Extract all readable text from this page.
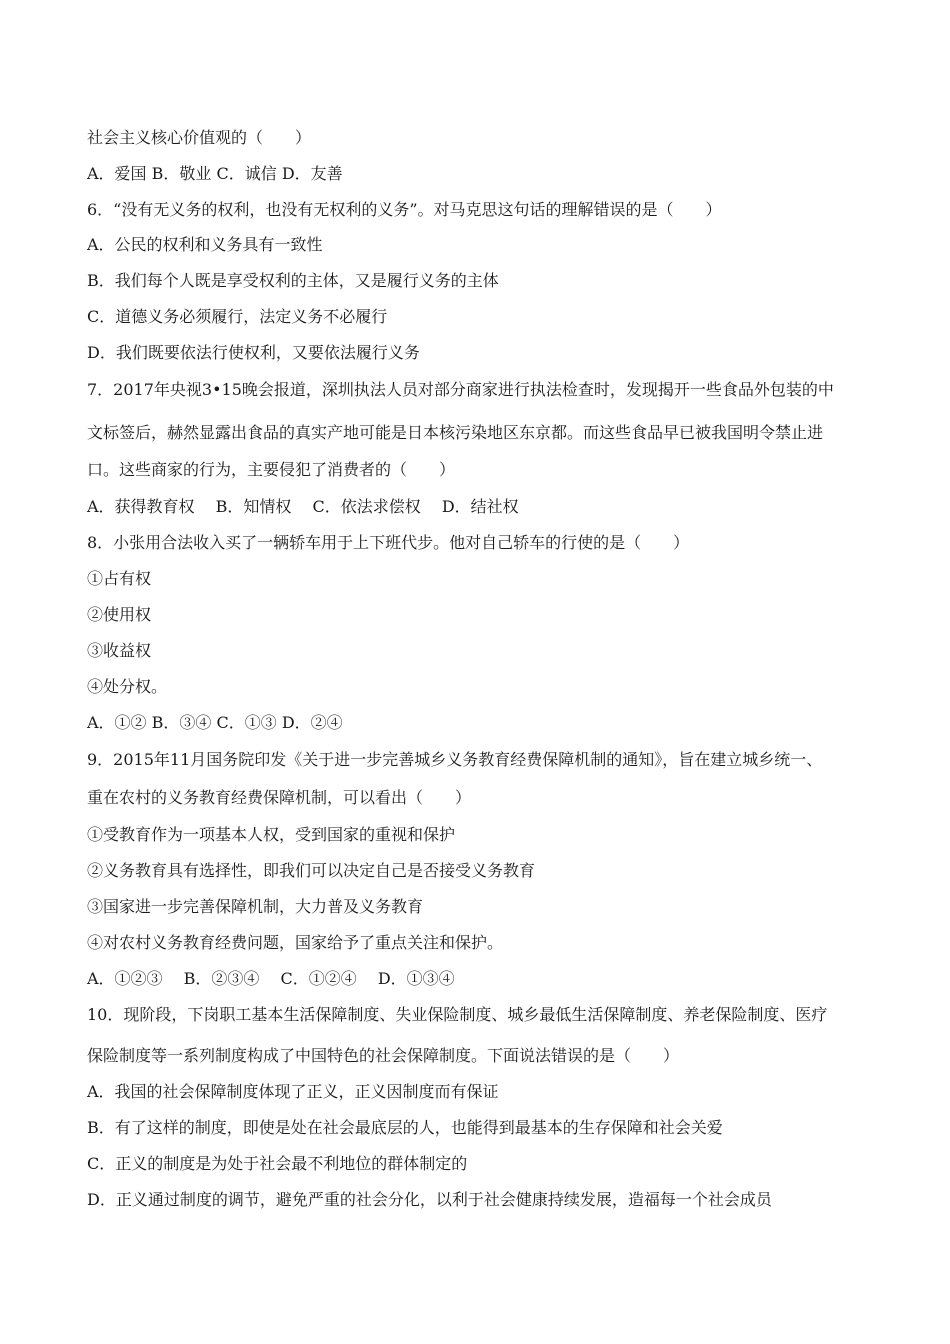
社会主义核心价值观的（　　）

A．爱国 B．敬业 C．诚信 D．友善

6．“没有无义务的权利，也没有无权利的义务”。对马克思这句话的理解错误的是（　　）

A．公民的权利和义务具有一致性

B．我们每个人既是享受权利的主体，又是履行义务的主体

C．道德义务必须履行，法定义务不必履行

D．我们既要依法行使权利，又要依法履行义务

7．2017年央视3•15晚会报道，深圳执法人员对部分商家进行执法检查时，发现揭开一些食品外包装的中

文标签后，赫然显露出食品的真实产地可能是日本核污染地区东京都。而这些食品早已被我国明令禁止进

口。这些商家的行为，主要侵犯了消费者的（　　）

A．获得教育权　 B．知情权　 C．依法求偿权　 D．结社权

8．小张用合法收入买了一辆轿车用于上下班代步。他对自己轿车的行使的是（　　）

①占有权

②使用权

③收益权

④处分权。

A．①② B．③④ C．①③ D．②④

9．2015年11月国务院印发《关于进一步完善城乡义务教育经费保障机制的通知》，旨在建立城乡统一、

重在农村的义务教育经费保障机制，可以看出（　　）

①受教育作为一项基本人权，受到国家的重视和保护

②义务教育具有选择性，即我们可以决定自己是否接受义务教育

③国家进一步完善保障机制，大力普及义务教育

④对农村义务教育经费问题，国家给予了重点关注和保护。

A．①②③　 B．②③④　 C．①②④　 D．①③④

10．现阶段，下岗职工基本生活保障制度、失业保险制度、城乡最低生活保障制度、养老保险制度、医疗

保险制度等一系列制度构成了中国特色的社会保障制度。下面说法错误的是（　　）

A．我国的社会保障制度体现了正义，正义因制度而有保证

B．有了这样的制度，即使是处在社会最底层的人，也能得到最基本的生存保障和社会关爱

C．正义的制度是为处于社会最不利地位的群体制定的

D．正义通过制度的调节，避免严重的社会分化，以利于社会健康持续发展，造福每一个社会成员
